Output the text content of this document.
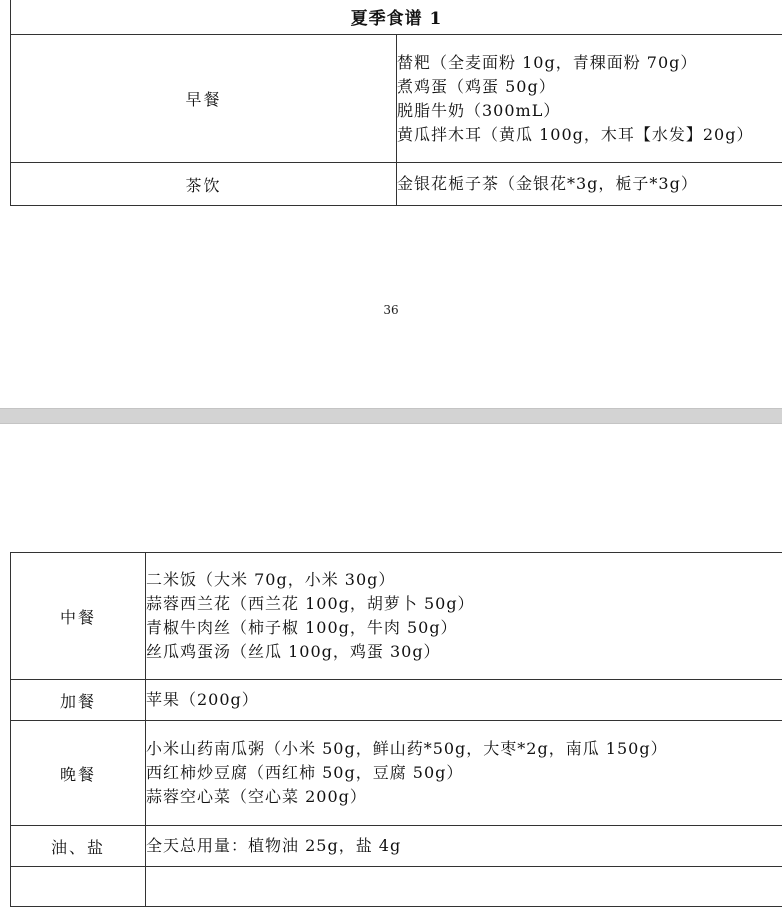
夏季食谱 1	
早餐	榃粑（全麦面粉 10g，青稞面粉 70g）
煮鸡蛋（鸡蛋 50g）
脱脂牛奶（300mL）
黄瓜拌木耳（黄瓜 100g，木耳【水发】20g）

茶饮	金银花栀子茶（金银花*3g，栀子*3g）
36
中餐	二米饭（大米 70g，小米 30g）
蒜蓉西兰花（西兰花 100g，胡萝卜 50g）
青椒牛肉丝（柿子椒 100g，牛肉 50g）
丝瓜鸡蛋汤（丝瓜 100g，鸡蛋 30g）

加餐	苹果（200g）

晚餐	小米山药南瓜粥（小米 50g，鲜山药*50g，大枣*2g，南瓜 150g）
西红柿炒豆腐（西红柿 50g，豆腐 50g）
蒜蓉空心菜（空心菜 200g）

油、盐	全天总用量：植物油 25g，盐 4g
